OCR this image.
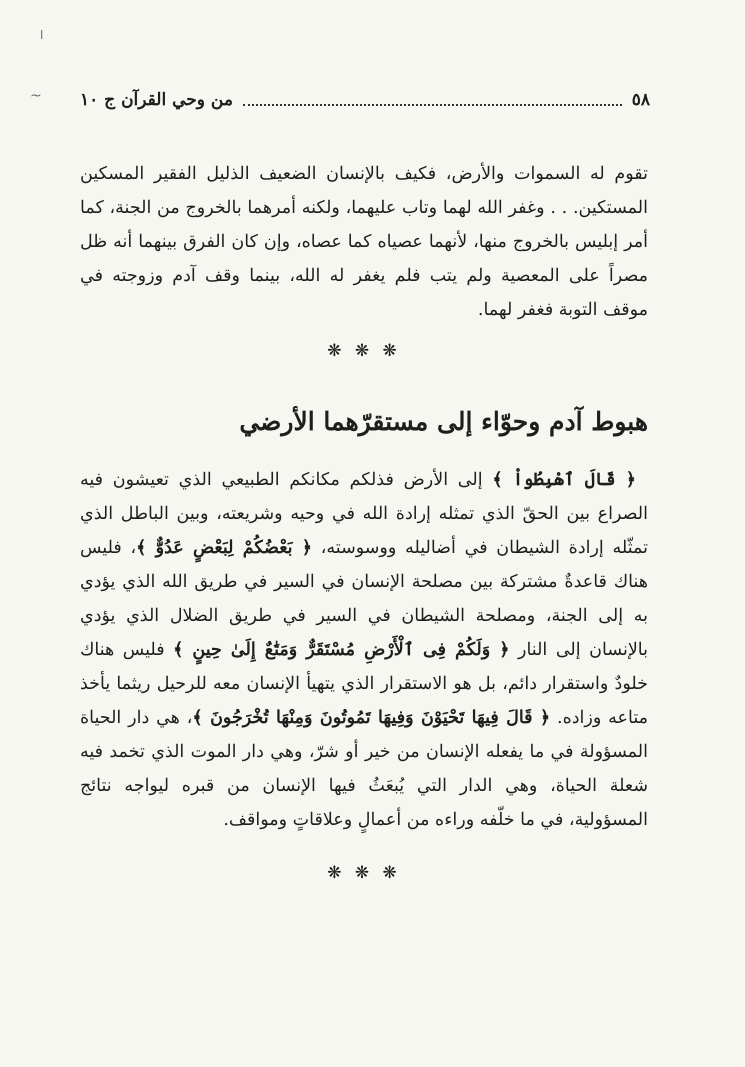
ا
~	٥٨
من وحي القرآن ج ١٠

تقوم له السموات والأرض، فكيف بالإنسان الضعيف الذليل الفقير المسكين المستكين. . . وغفر الله لهما وتاب عليهما، ولكنه أمرهما بالخروج من الجنة، كما أمر إبليس بالخروج منها، لأنهما عصياه كما عصاه، وإن كان الفرق بينهما أنه ظل مصراً على المعصية ولم يتب فلم يغفر له الله، بينما وقف آدم وزوجته في موقف التوبة فغفر لهما.

❋ ❋ ❋
هبوط آدم وحوّاء إلى مستقرّهما الأرضي

﴿ قَالَ ٱهْبِطُواْ ﴾ إلى الأرض فذلكم مكانكم الطبيعي الذي تعيشون فيه الصراع بين الحقّ الذي تمثله إرادة الله في وحيه وشريعته، وبين الباطل الذي تمثّله إرادة الشيطان في أضاليله ووسوسته، ﴿ بَعْضُكُمْ لِبَعْضٍ عَدُوٌّ ﴾، فليس هناك قاعدةٌ مشتركة بين مصلحة الإنسان في السير في طريق الله الذي يؤدي به إلى الجنة، ومصلحة الشيطان في السير في طريق الضلال الذي يؤدي بالإنسان إلى النار ﴿ وَلَكُمْ فِى ٱلْأَرْضِ مُسْتَقَرٌّ وَمَتَٰعٌ إِلَىٰ حِينٍ ﴾ فليس هناك خلودٌ واستقرار دائم، بل هو الاستقرار الذي يتهيأ الإنسان معه للرحيل ريثما يأخذ متاعه وزاده. ﴿ قَالَ فِيهَا تَحْيَوْنَ وَفِيهَا تَمُوتُونَ وَمِنْهَا تُخْرَجُونَ ﴾، هي دار الحياة المسؤولة في ما يفعله الإنسان من خير أو شرّ، وهي دار الموت الذي تخمد فيه شعلة الحياة، وهي الدار التي يُبعَثُ فيها الإنسان من قبره ليواجه نتائج المسؤولية، في ما خلّفه وراءه من أعمالٍ وعلاقاتٍ ومواقف.

❋ ❋ ❋
